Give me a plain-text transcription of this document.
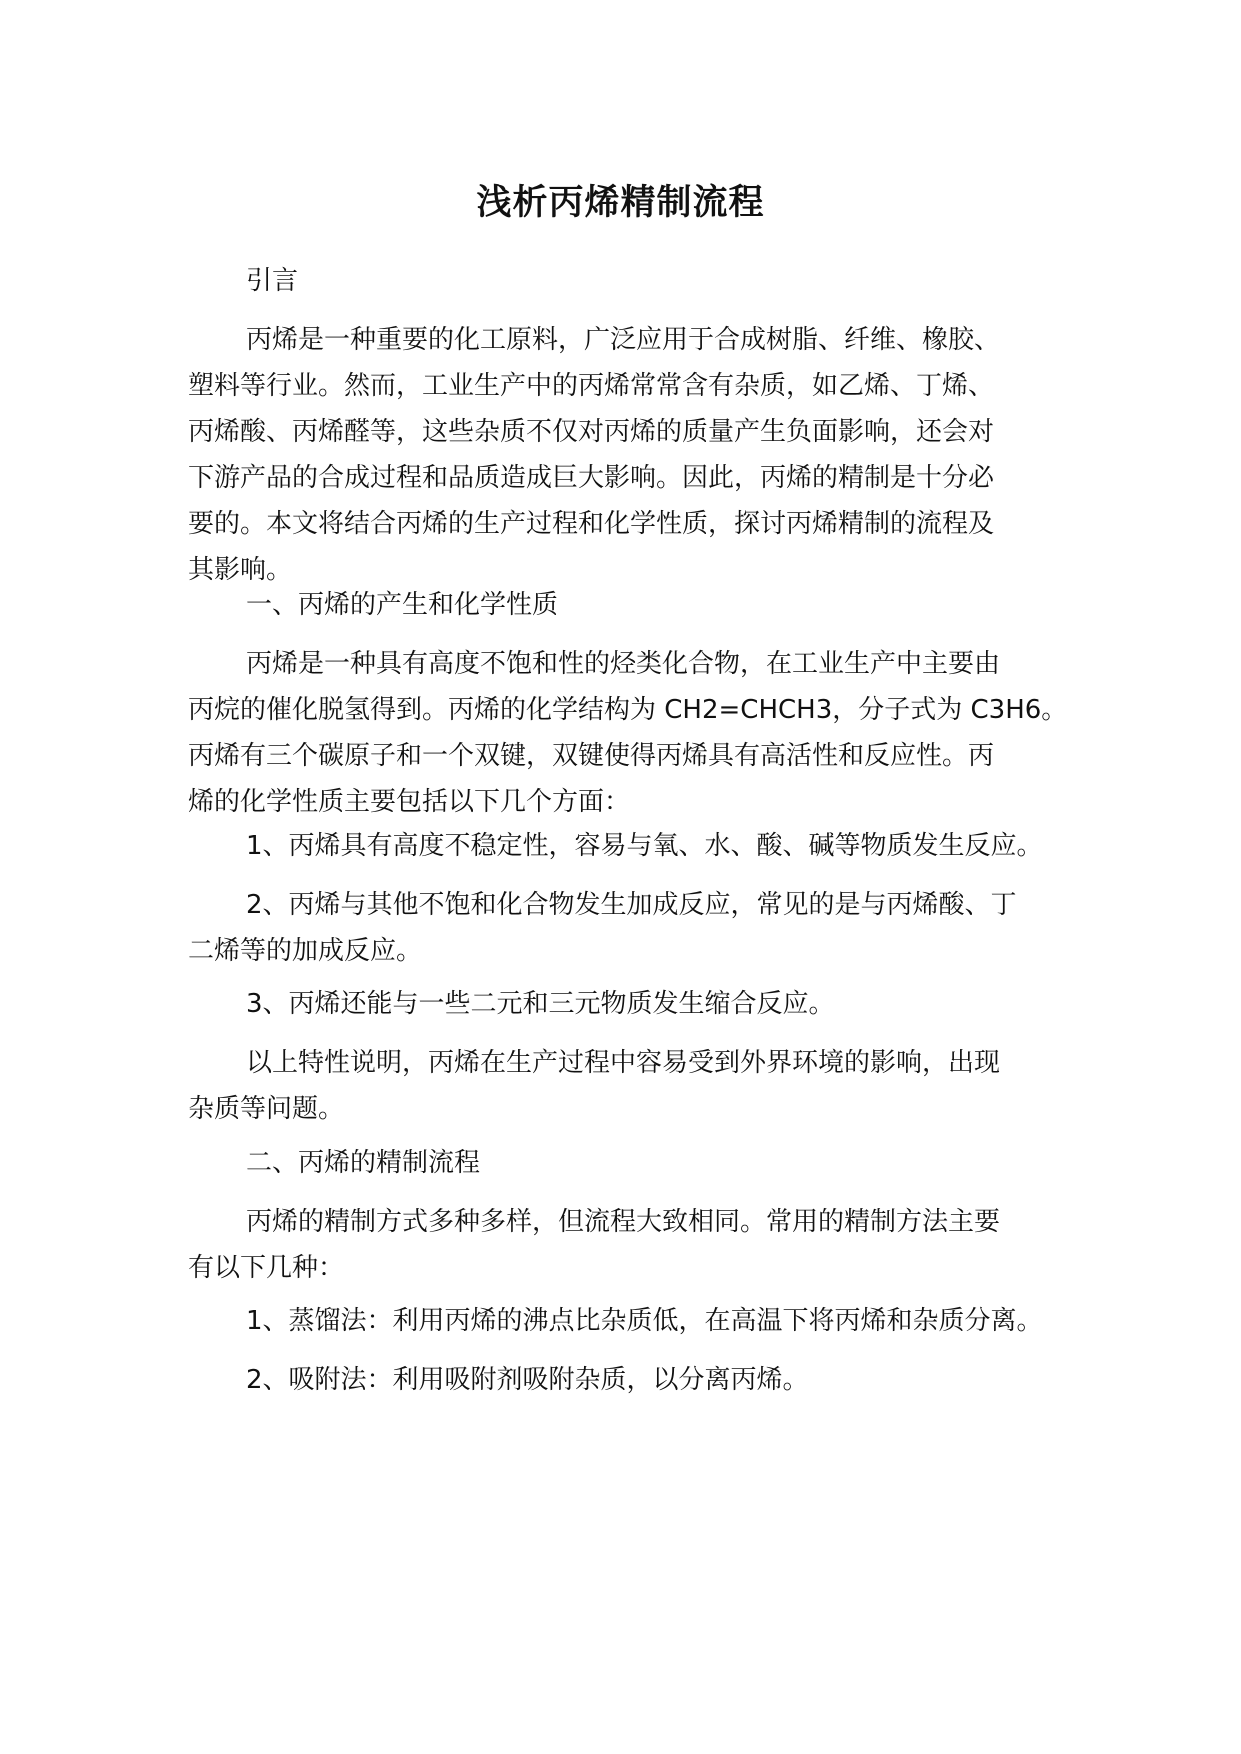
浅析丙烯精制流程
引言
丙烯是一种重要的化工原料，广泛应用于合成树脂、纤维、橡胶、
塑料等行业。然而，工业生产中的丙烯常常含有杂质，如乙烯、丁烯、
丙烯酸、丙烯醛等，这些杂质不仅对丙烯的质量产生负面影响，还会对
下游产品的合成过程和品质造成巨大影响。因此，丙烯的精制是十分必
要的。本文将结合丙烯的生产过程和化学性质，探讨丙烯精制的流程及
其影响。
一、丙烯的产生和化学性质
丙烯是一种具有高度不饱和性的烃类化合物，在工业生产中主要由
丙烷的催化脱氢得到。丙烯的化学结构为 CH2=CHCH3，分子式为 C3H6。
丙烯有三个碳原子和一个双键，双键使得丙烯具有高活性和反应性。丙
烯的化学性质主要包括以下几个方面：
1、丙烯具有高度不稳定性，容易与氧、水、酸、碱等物质发生反应。
2、丙烯与其他不饱和化合物发生加成反应，常见的是与丙烯酸、丁
二烯等的加成反应。
3、丙烯还能与一些二元和三元物质发生缩合反应。
以上特性说明，丙烯在生产过程中容易受到外界环境的影响，出现
杂质等问题。
二、丙烯的精制流程
丙烯的精制方式多种多样，但流程大致相同。常用的精制方法主要
有以下几种：
1、蒸馏法：利用丙烯的沸点比杂质低，在高温下将丙烯和杂质分离。
2、吸附法：利用吸附剂吸附杂质，以分离丙烯。
